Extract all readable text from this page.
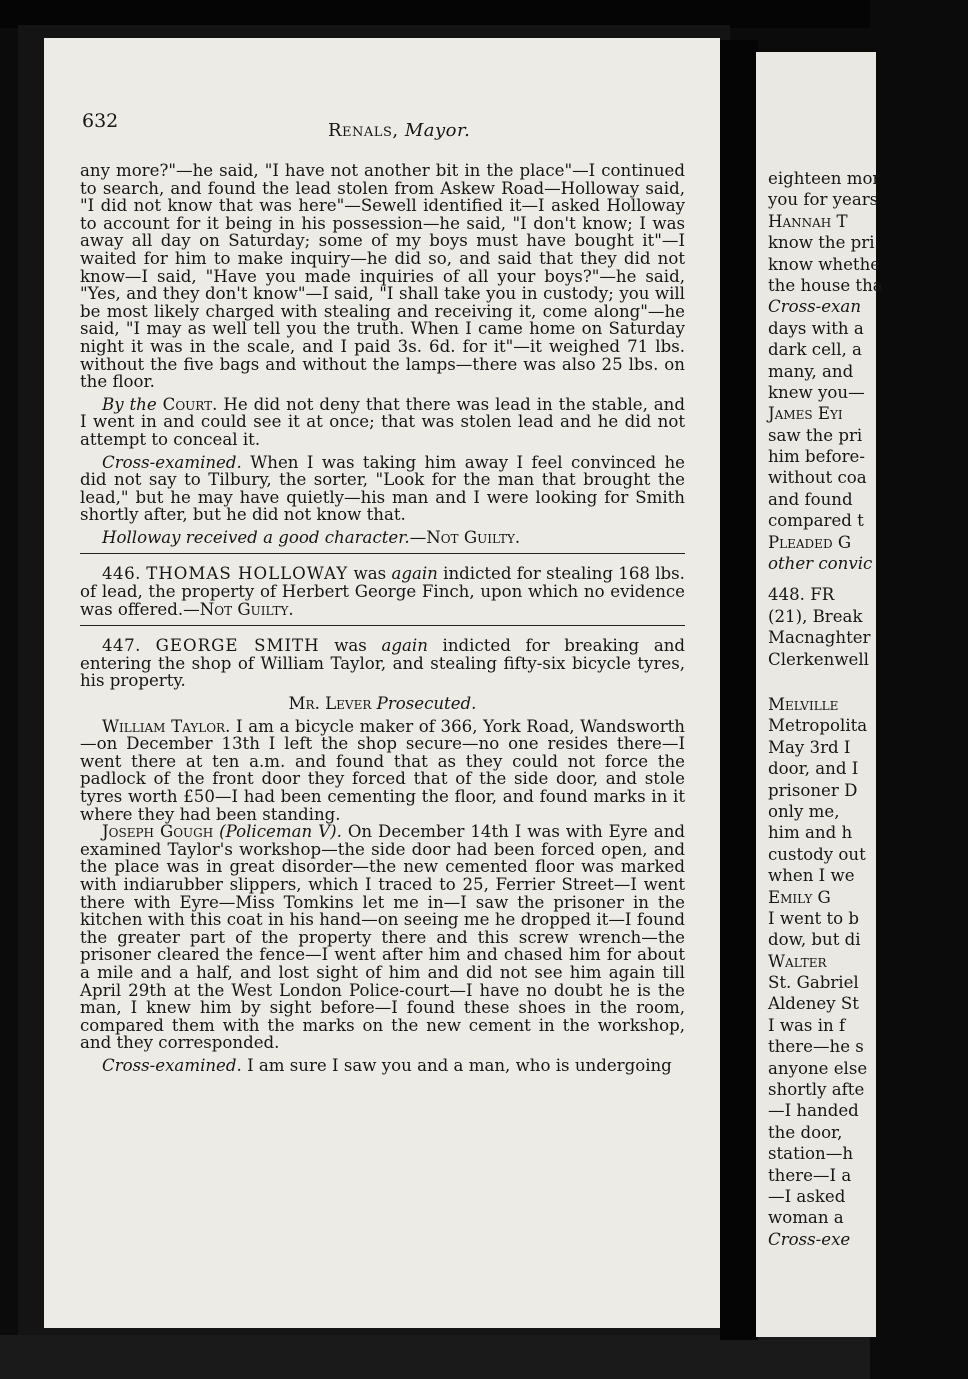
632	Renals, Mayor.

any more?"—he said, "I have not another bit in the place"—I continued to search, and found the lead stolen from Askew Road—Holloway said, "I did not know that was here"—Sewell identified it—I asked Holloway to account for it being in his possession—he said, "I don't know; I was away all day on Saturday; some of my boys must have bought it"—I waited for him to make inquiry—he did so, and said that they did not know—I said, "Have you made inquiries of all your boys?"—he said, "Yes, and they don't know"—I said, "I shall take you in custody; you will be most likely charged with stealing and receiving it, come along"—he said, "I may as well tell you the truth. When I came home on Saturday night it was in the scale, and I paid 3s. 6d. for it"—it weighed 71 lbs. without the five bags and without the lamps—there was also 25 lbs. on the floor.

By the Court. He did not deny that there was lead in the stable, and I went in and could see it at once; that was stolen lead and he did not attempt to conceal it.

Cross-examined. When I was taking him away I feel convinced he did not say to Tilbury, the sorter, "Look for the man that brought the lead," but he may have quietly—his man and I were looking for Smith shortly after, but he did not know that.

Holloway received a good character.—Not Guilty.

446. THOMAS HOLLOWAY was again indicted for stealing 168 lbs. of lead, the property of Herbert George Finch, upon which no evidence was offered.—Not Guilty.

447. GEORGE SMITH was again indicted for breaking and entering the shop of William Taylor, and stealing fifty-six bicycle tyres, his property.

Mr. Lever Prosecuted.

William Taylor. I am a bicycle maker of 366, York Road, Wandsworth—on December 13th I left the shop secure—no one resides there—I went there at ten a.m. and found that as they could not force the padlock of the front door they forced that of the side door, and stole tyres worth £50—I had been cementing the floor, and found marks in it where they had been standing.

Joseph Gough (Policeman V). On December 14th I was with Eyre and examined Taylor's workshop—the side door had been forced open, and the place was in great disorder—the new cemented floor was marked with indiarubber slippers, which I traced to 25, Ferrier Street—I went there with Eyre—Miss Tomkins let me in—I saw the prisoner in the kitchen with this coat in his hand—on seeing me he dropped it—I found the greater part of the property there and this screw wrench—the prisoner cleared the fence—I went after him and chased him for about a mile and a half, and lost sight of him and did not see him again till April 29th at the West London Police-court—I have no doubt he is the man, I knew him by sight before—I found these shoes in the room, compared them with the marks on the new cement in the workshop, and they corresponded.

Cross-examined. I am sure I saw you and a man, who is undergoing

eighteen mor
you for years
Hannah T
know the pri
know whethe
the house tha
Cross-exan
days with a
dark cell, a
many, and
knew you—
James Eyi
saw the pri
him before-
without coa
and found
compared t
Pleaded G
other convic
448. FR
(21), Break
Macnaghter
Clerkenwell
Melville
Metropolita
May 3rd I
door, and I
prisoner D
only me,
him and h
custody out
when I we
Emily G
I went to b
dow, but di
Walter
St. Gabriel
Aldeney St
I was in f
there—he s
anyone else
shortly afte
—I handed
the door,
station—h
there—I a
—I asked
woman a
Cross-exe
